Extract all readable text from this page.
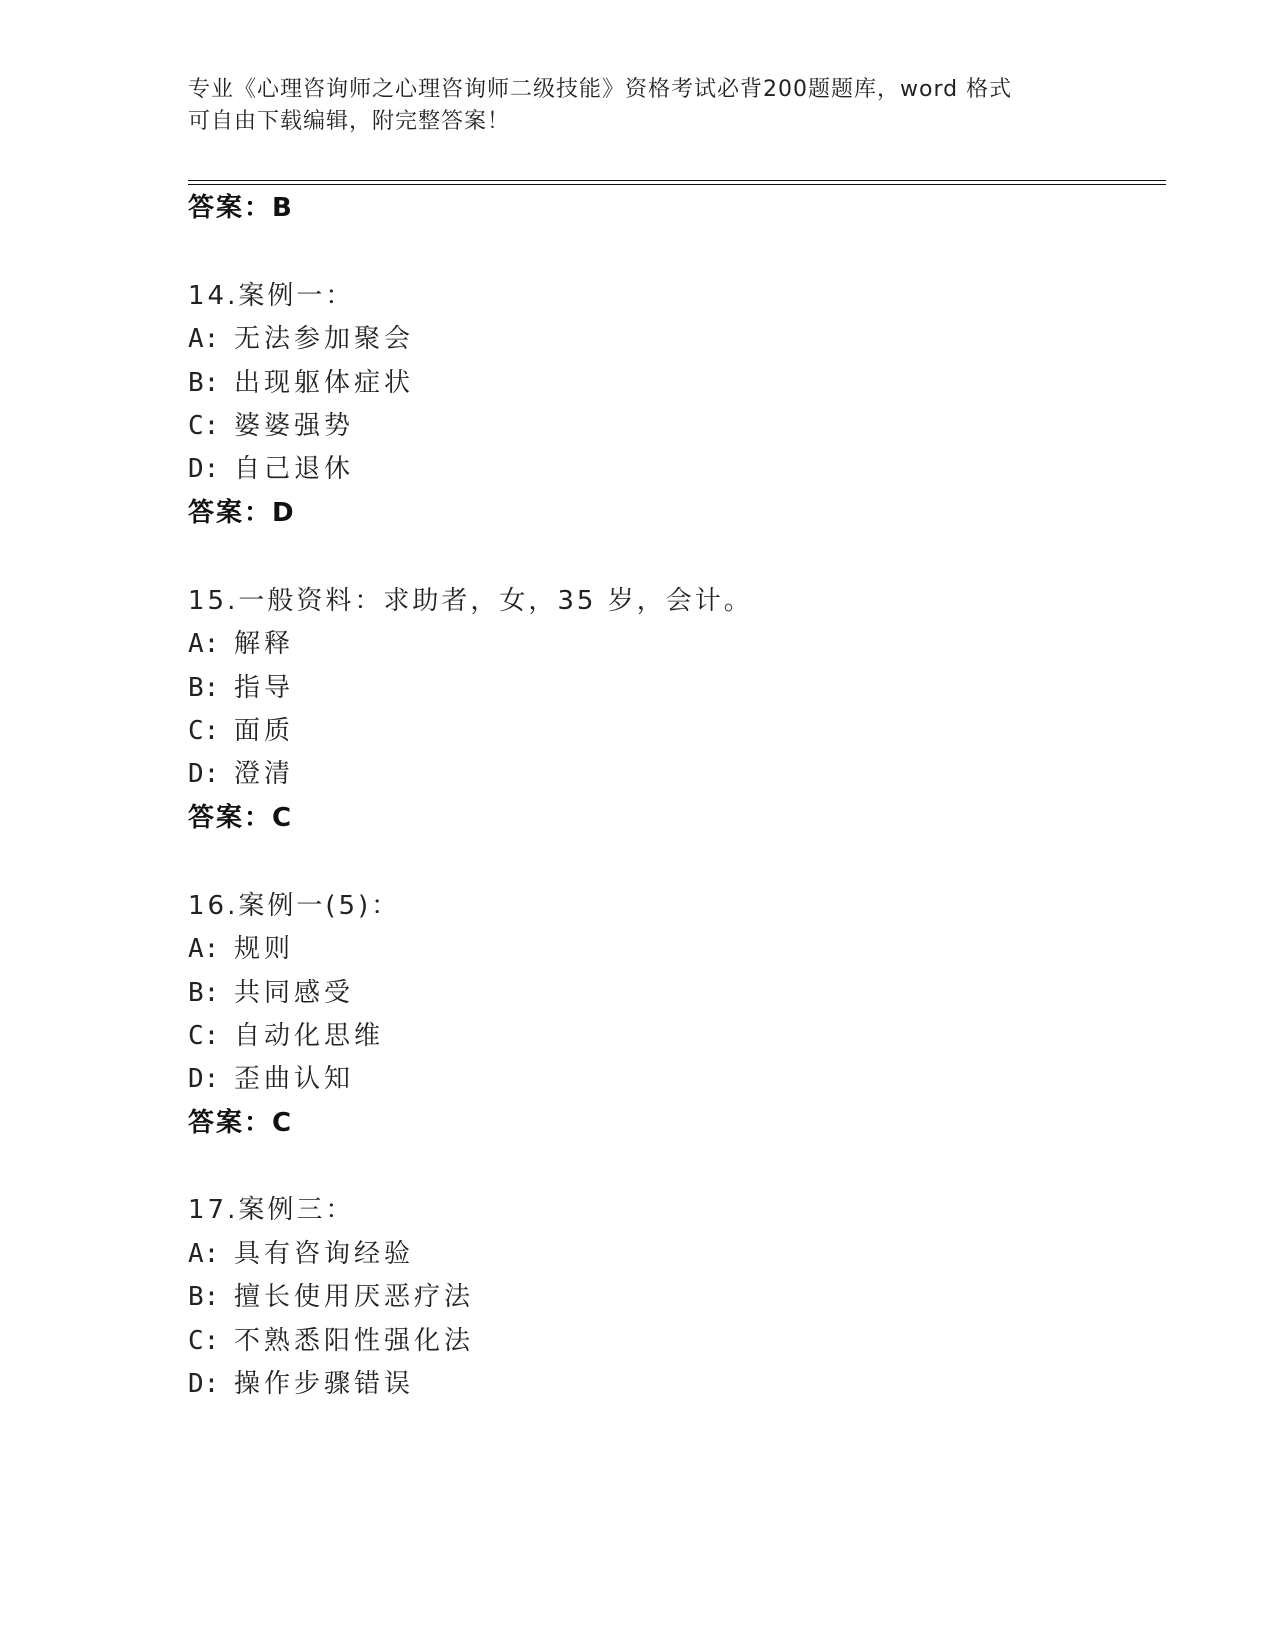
专业《心理咨询师之心理咨询师二级技能》资格考试必背200题题库，word 格式
可自由下载编辑，附完整答案！
答案：B
14.案例一：
A: 无法参加聚会
B: 出现躯体症状
C: 婆婆强势
D: 自己退休
答案：D
15.一般资料：求助者，女，35 岁，会计。
A: 解释
B: 指导
C: 面质
D: 澄清
答案：C
16.案例一(5)：
A: 规则
B: 共同感受
C: 自动化思维
D: 歪曲认知
答案：C
17.案例三：
A: 具有咨询经验
B: 擅长使用厌恶疗法
C: 不熟悉阳性强化法
D: 操作步骤错误
